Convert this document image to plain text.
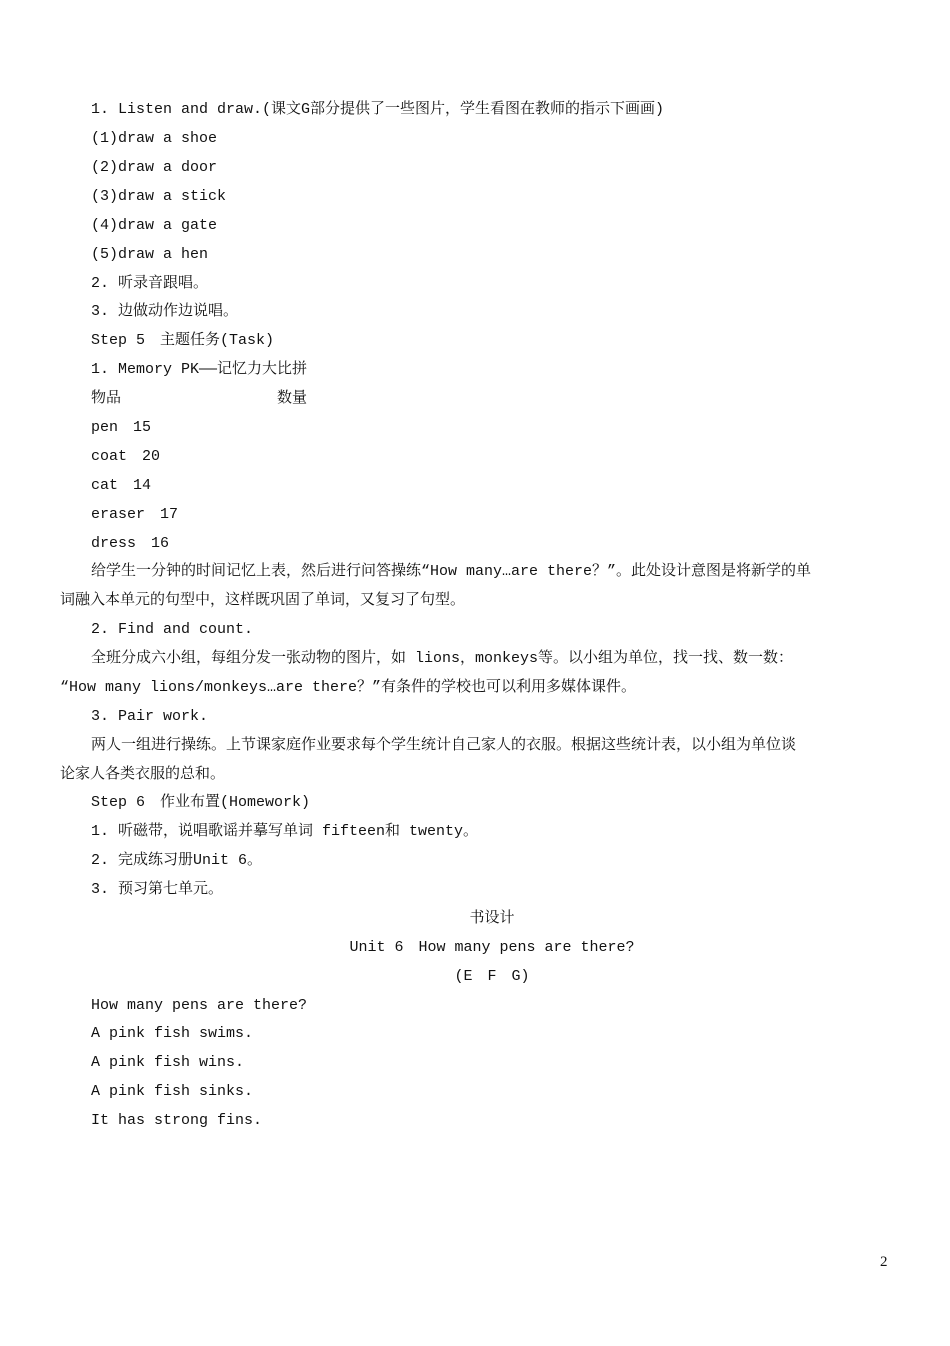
1. Listen and draw.(课文G部分提供了一些图片，学生看图在教师的指示下画画)
(1)draw a shoe
(2)draw a door
(3)draw a stick
(4)draw a gate
(5)draw a hen
2. 听录音跟唱。
3. 边做动作边说唱。
Step 5　主题任务(Task)
1. Memory PK——记忆力大比拼
物品	数量
pen　15
coat　20
cat　14
eraser　17
dress　16
给学生一分钟的时间记忆上表，然后进行问答操练“How many…are there？”。此处设计意图是将新学的单
词融入本单元的句型中，这样既巩固了单词，又复习了句型。
2. Find and count.
全班分成六小组，每组分发一张动物的图片，如 lions，monkeys等。以小组为单位，找一找、数一数：
“How many lions/monkeys…are there？”有条件的学校也可以利用多媒体课件。
3. Pair work.
两人一组进行操练。上节课家庭作业要求每个学生统计自己家人的衣服。根据这些统计表，以小组为单位谈
论家人各类衣服的总和。
Step 6　作业布置(Homework)
1. 听磁带，说唱歌谣并摹写单词 fifteen和 twenty。
2. 完成练习册Unit 6。
3. 预习第七单元。
书设计
Unit 6　How many pens are there?
(E　F　G)
How many pens are there?
A pink fish swims.
A pink fish wins.
A pink fish sinks.
It has strong fins.
2
